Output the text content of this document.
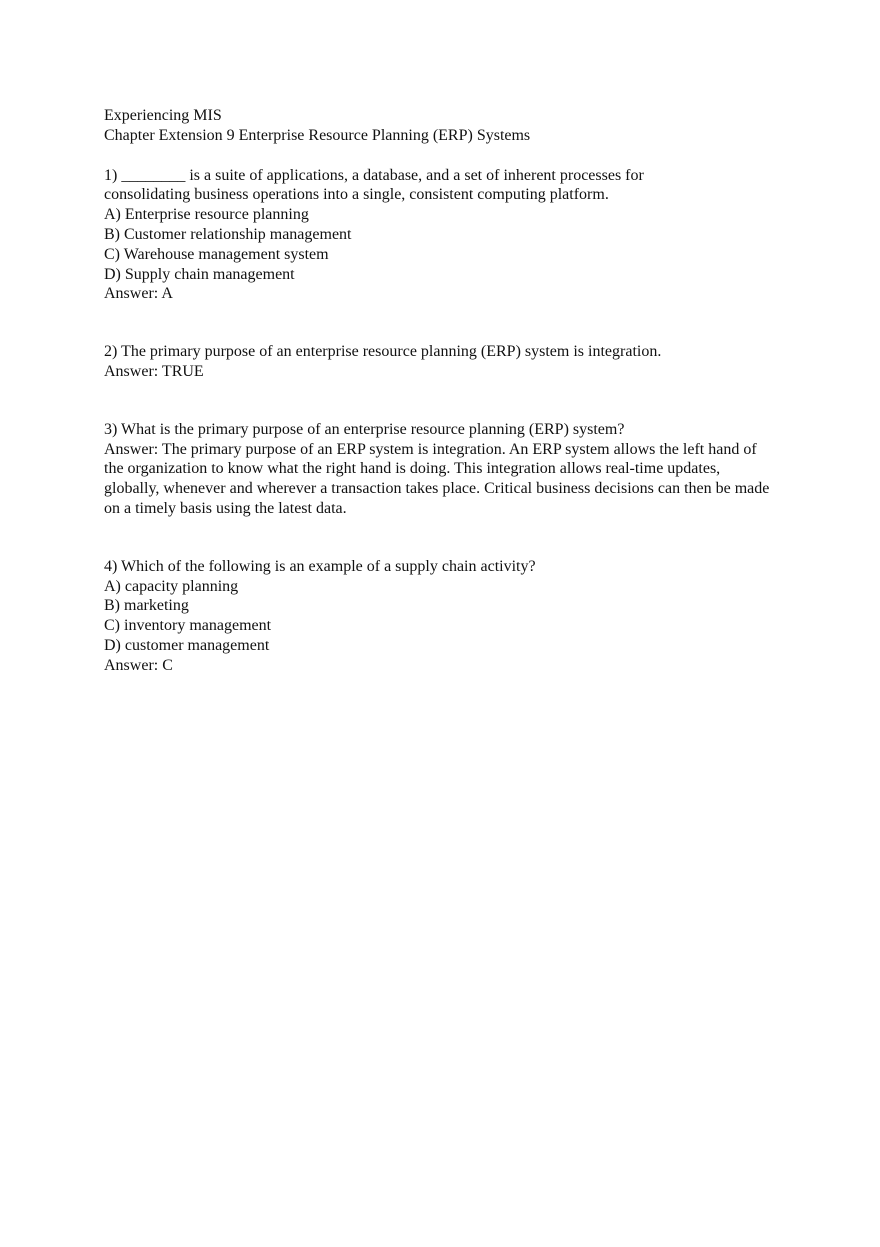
Experiencing MIS
Chapter Extension 9 Enterprise Resource Planning (ERP) Systems
1) ________ is a suite of applications, a database, and a set of inherent processes for
consolidating business operations into a single, consistent computing platform.
A) Enterprise resource planning
B) Customer relationship management
C) Warehouse management system
D) Supply chain management
Answer: A
2) The primary purpose of an enterprise resource planning (ERP) system is integration.
Answer: TRUE
3) What is the primary purpose of an enterprise resource planning (ERP) system?
Answer: The primary purpose of an ERP system is integration. An ERP system allows the left hand of the organization to know what the right hand is doing. This integration allows real-time updates, globally, whenever and wherever a transaction takes place. Critical business decisions can then be made on a timely basis using the latest data.
4) Which of the following is an example of a supply chain activity?
A) capacity planning
B) marketing
C) inventory management
D) customer management
Answer: C
